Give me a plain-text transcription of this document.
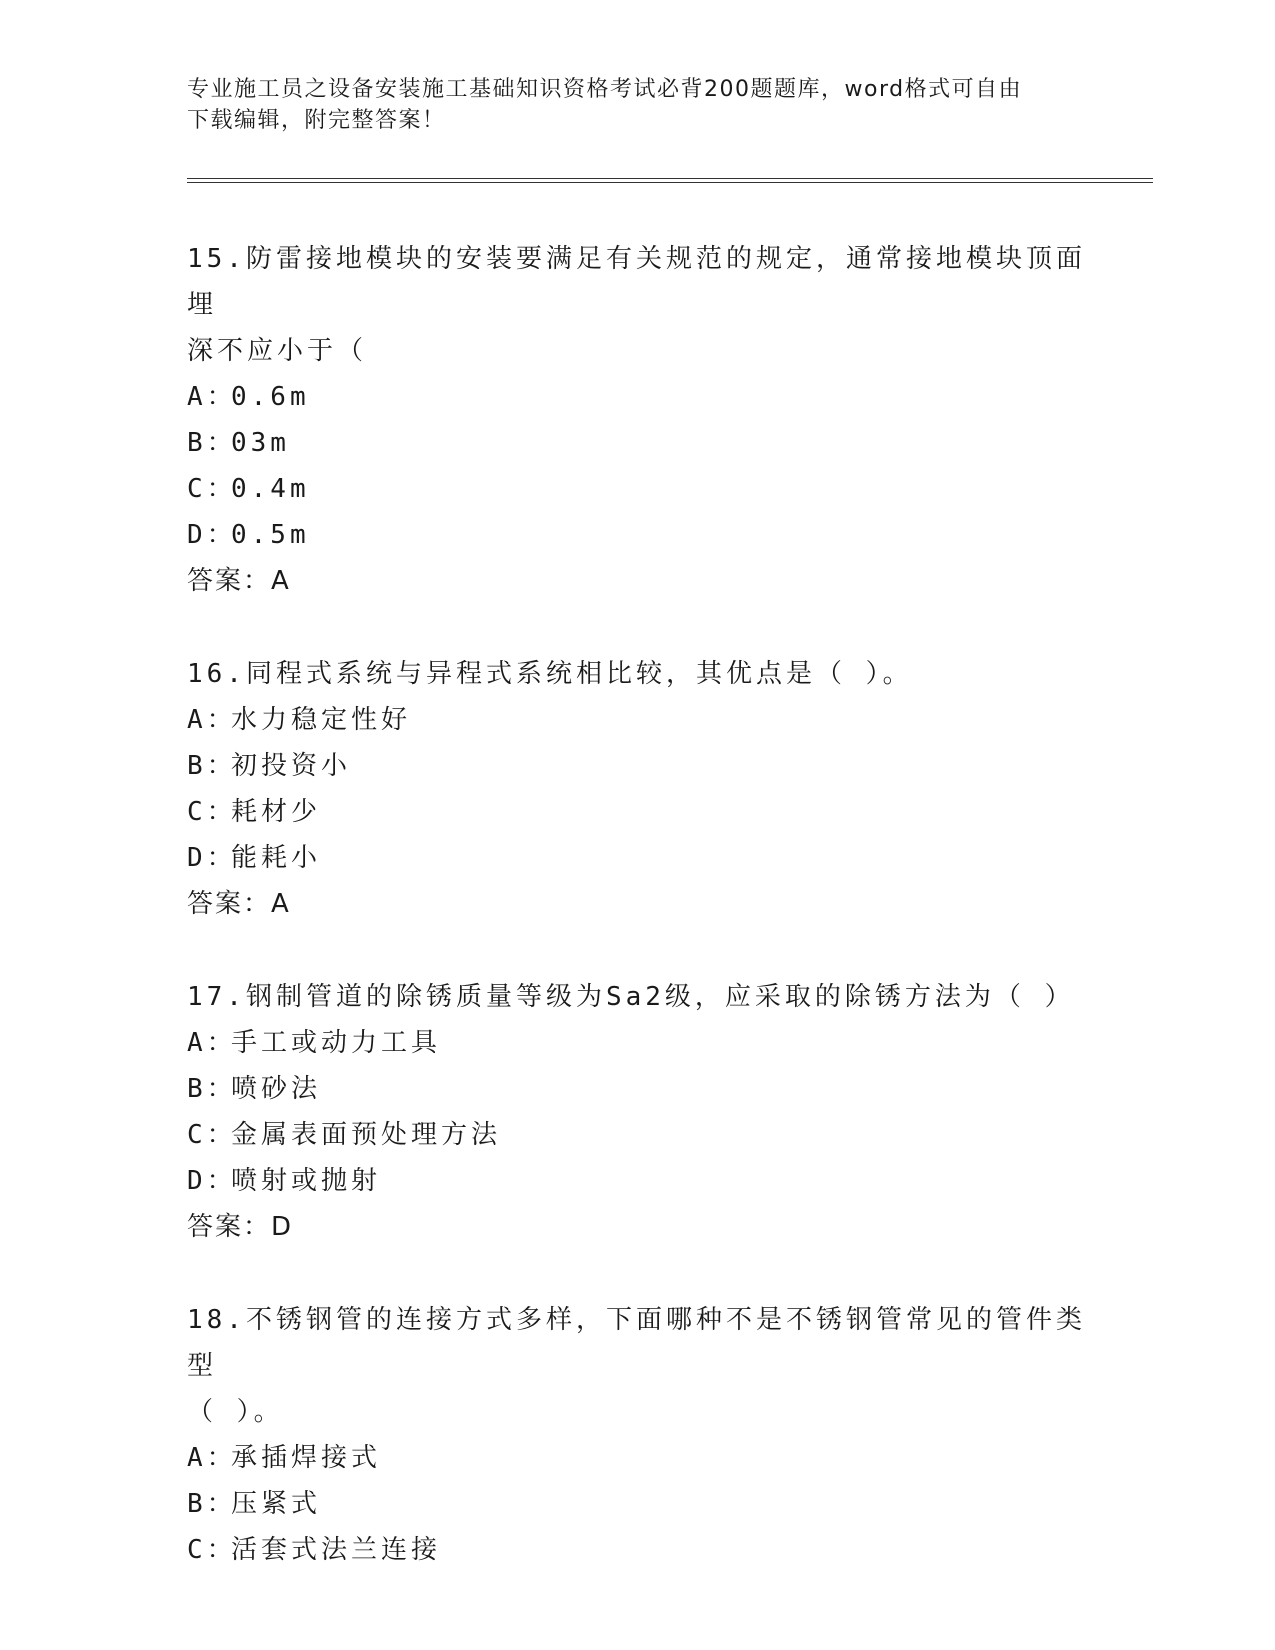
专业施工员之设备安装施工基础知识资格考试必背200题题库，word格式可自由
下载编辑，附完整答案！
15.防雷接地模块的安装要满足有关规范的规定，通常接地模块顶面埋
深不应小于（
A：0.6m
B：03m
C：0.4m
D：0.5m
答案：A
16.同程式系统与异程式系统相比较，其优点是（ ）。
A：水力稳定性好
B：初投资小
C：耗材少
D：能耗小
答案：A
17.钢制管道的除锈质量等级为Sa2级，应采取的除锈方法为（ ）
A：手工或动力工具
B：喷砂法
C：金属表面预处理方法
D：喷射或抛射
答案：D
18.不锈钢管的连接方式多样，下面哪种不是不锈钢管常见的管件类型
（ ）。
A：承插焊接式
B：压紧式
C：活套式法兰连接
